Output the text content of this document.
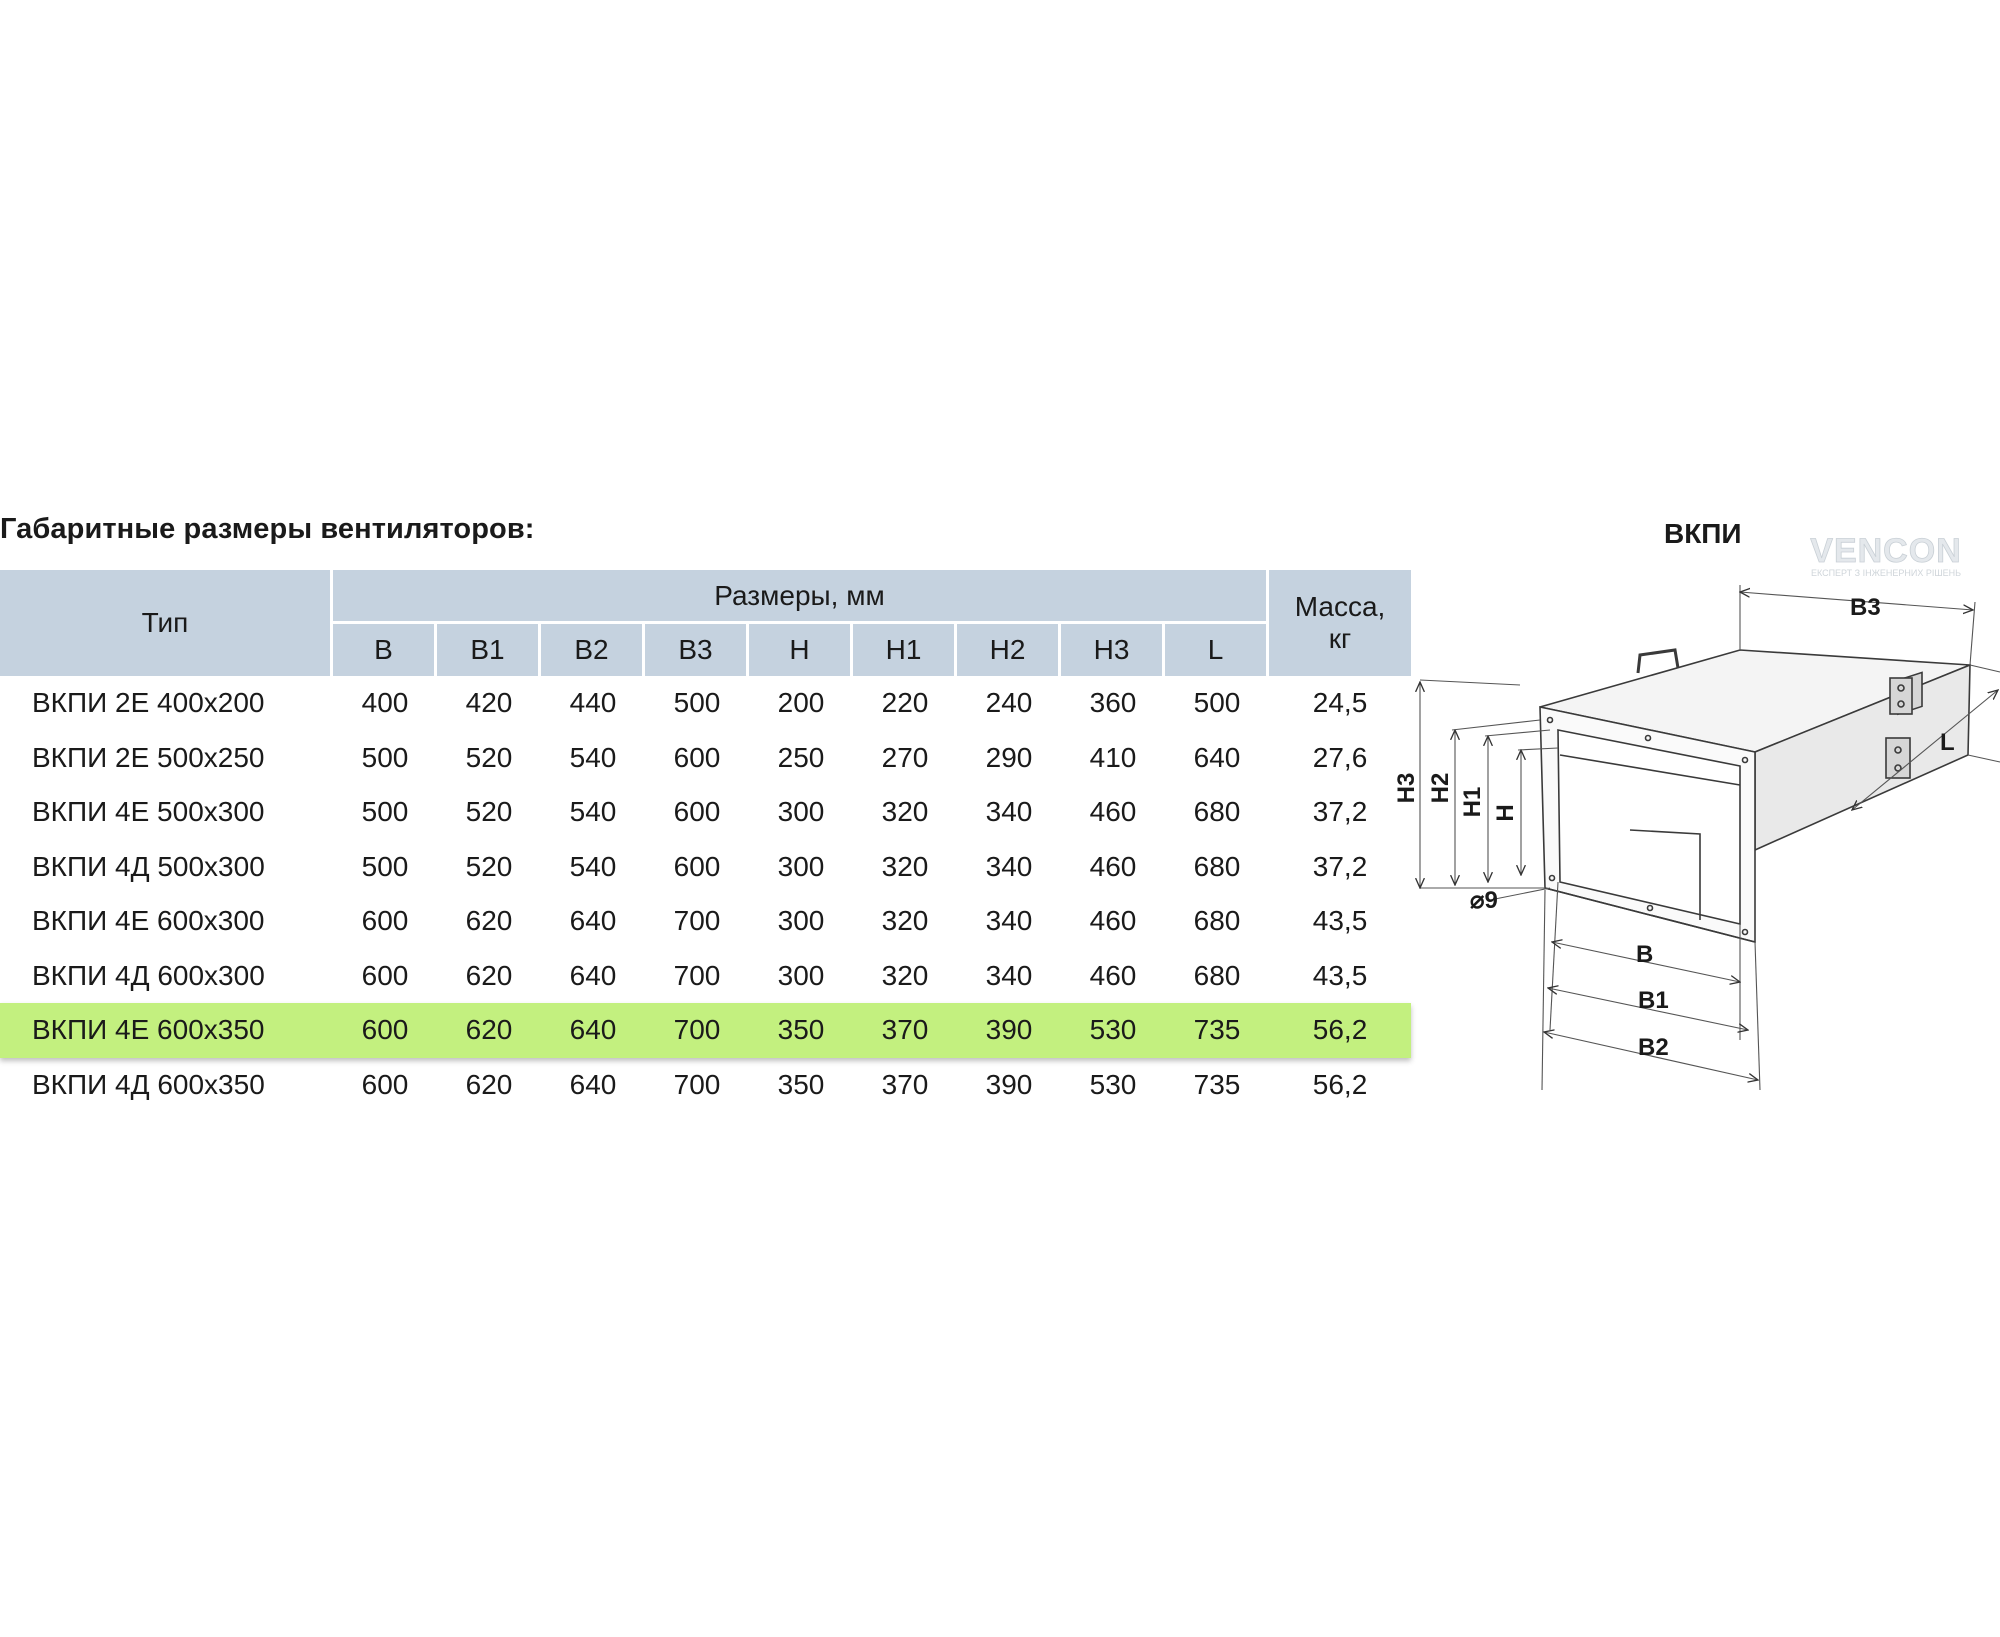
Габаритные размеры вентиляторов:
Тип	Размеры, мм									Масса,
кг

	B	B1	B2	B3	H	H1	H2	H3	L	
ВКПИ 2Е 400х200	400	420	440	500	200	220	240	360	500	24,5
ВКПИ 2Е 500х250	500	520	540	600	250	270	290	410	640	27,6
ВКПИ 4Е 500х300	500	520	540	600	300	320	340	460	680	37,2
ВКПИ 4Д 500х300	500	520	540	600	300	320	340	460	680	37,2
ВКПИ 4Е 600х300	600	620	640	700	300	320	340	460	680	43,5
ВКПИ 4Д 600х300	600	620	640	700	300	320	340	460	680	43,5
ВКПИ 4Е 600х350	600	620	640	700	350	370	390	530	735	56,2
ВКПИ 4Д 600х350	600	620	640	700	350	370	390	530	735	56,2
ВКПИ VENCON
ЕКСПЕРТ З ІНЖЕНЕРНИХ РІШЕНЬ
B3
L
H3 H2 H1 H
⌀9
B
B1
B2
